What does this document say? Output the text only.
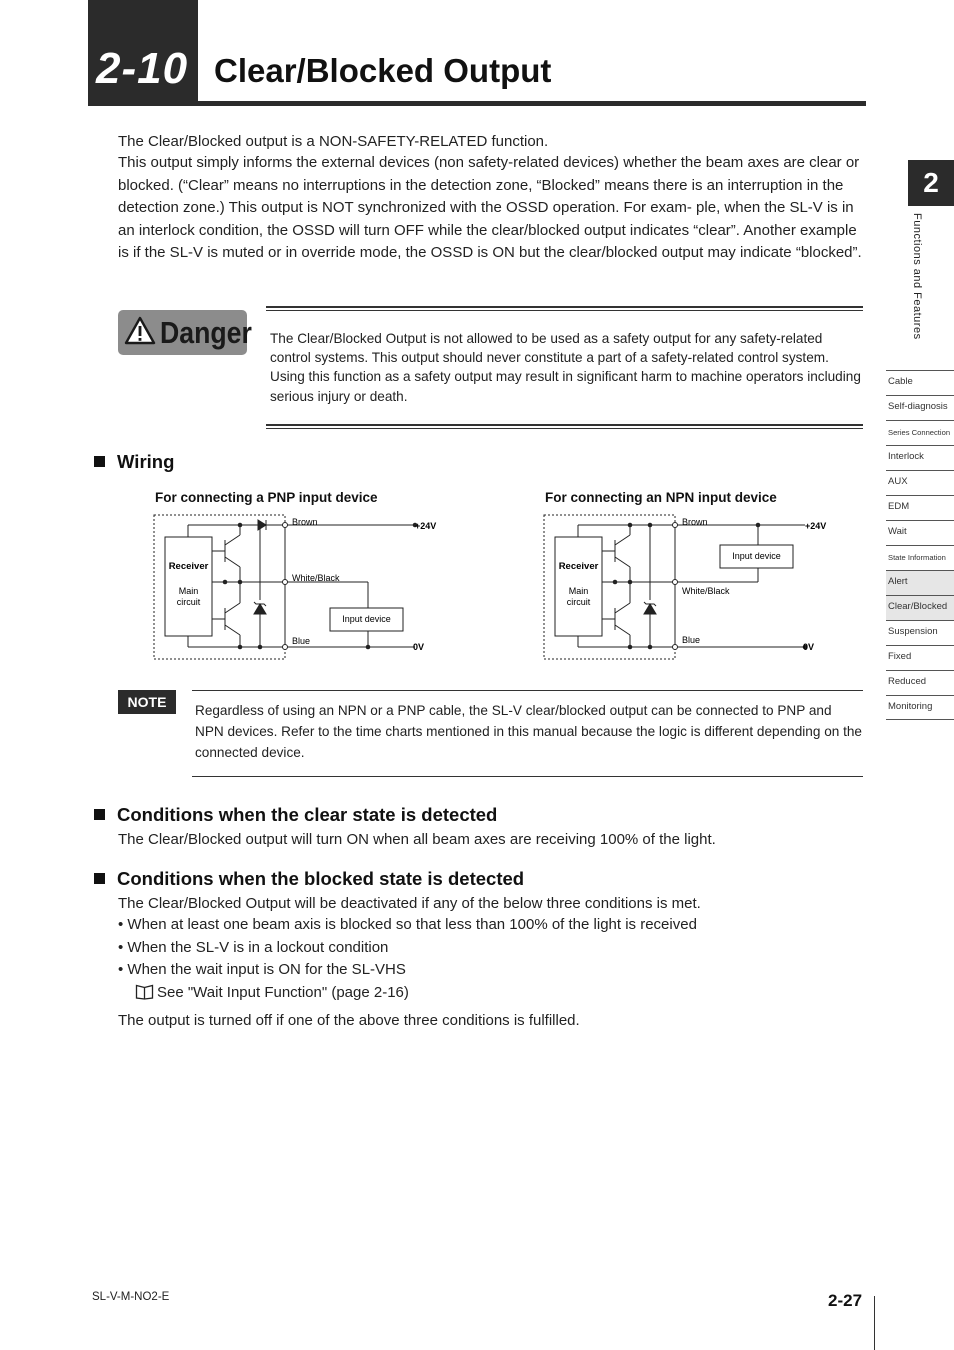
2-10 Clear/Blocked Output
2
Functions and Features
Cable
Self-diagnosis
Series Connection
Interlock
AUX
EDM
Wait
State Information
Alert
Clear/Blocked
Suspension
Fixed
Reduced
Monitoring
The Clear/Blocked output is a NON-SAFETY-RELATED function.
This output simply informs the external devices (non safety-related devices) whether the beam axes are clear or blocked. (“Clear” means no interruptions in the detection zone, “Blocked” means there is an interruption in the detection zone.) This output is NOT synchronized with the OSSD operation. For exam- ple, when the SL-V is in an interlock condition, the OSSD will turn OFF while the clear/blocked output indicates “clear”. Another example is if the SL-V is muted or in override mode, the OSSD is ON but the clear/blocked output may indicate “blocked”.
Danger The Clear/Blocked Output is not allowed to be used as a safety output for any safety-related control systems. This output should never constitute a part of a safety-related control system. Using this function as a safety output may result in significant harm to machine operators including serious injury or death.
Wiring
For connecting a PNP input device	For connecting an NPN input device
Receiver
Main
circuit
Brown
White/Black
Blue
+24V
0V
Input device
Receiver
Main
circuit
Brown
White/Black
Blue
+24V
0V
Input device
NOTE
Regardless of using an NPN or a PNP cable, the SL-V clear/blocked output can be connected to PNP and NPN devices. Refer to the time charts mentioned in this manual because the logic is different depending on the connected device.
Conditions when the clear state is detected
The Clear/Blocked output will turn ON when all beam axes are receiving 100% of the light.
Conditions when the blocked state is detected
The Clear/Blocked Output will be deactivated if any of the below three conditions is met.
• When at least one beam axis is blocked so that less than 100% of the light is received
• When the SL-V is in a lockout condition
• When the wait input is ON for the SL-VHS
See "Wait Input Function" (page 2-16)
The output is turned off if one of the above three conditions is fulfilled.
SL-V-M-NO2-E	2-27
